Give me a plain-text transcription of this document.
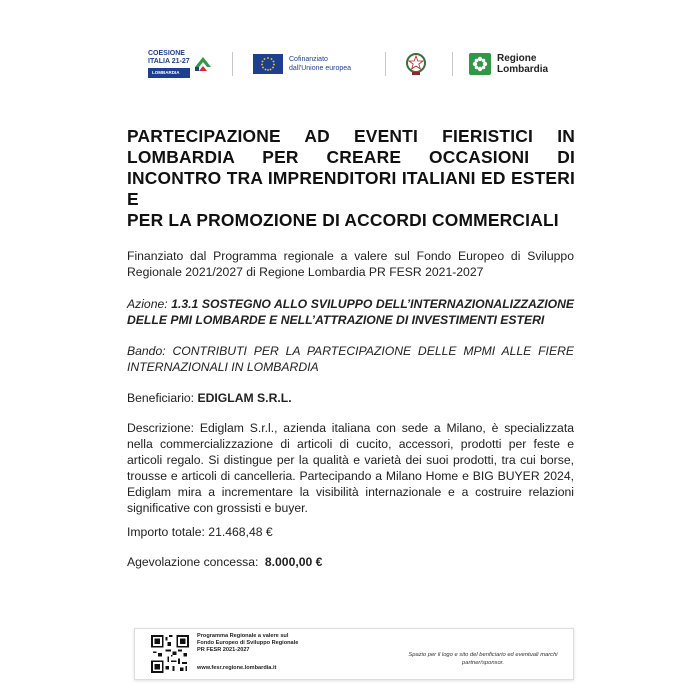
COESIONE
ITALIA 21-27
LOMBARDIA
Cofinanziato
dall'Unione europea
Regione
Lombardia
PARTECIPAZIONE AD EVENTI FIERISTICI IN
LOMBARDIA PER CREARE OCCASIONI DI
INCONTRO TRA IMPRENDITORI ITALIANI ED ESTERI E
PER LA PROMOZIONE DI ACCORDI COMMERCIALI
Finanziato dal Programma regionale a valere sul Fondo Europeo di Sviluppo Regionale 2021/2027 di Regione Lombardia PR FESR 2021-2027
Azione: 1.3.1 SOSTEGNO ALLO SVILUPPO DELL’INTERNAZIONALIZZAZIONE DELLE PMI LOMBARDE E NELL’ATTRAZIONE DI INVESTIMENTI ESTERI
Bando: CONTRIBUTI PER LA PARTECIPAZIONE DELLE MPMI ALLE FIERE INTERNAZIONALI IN LOMBARDIA
Beneficiario: EDIGLAM S.R.L.
Descrizione: Ediglam S.r.l., azienda italiana con sede a Milano, è specializzata nella commercializzazione di articoli di cucito, accessori, prodotti per feste e articoli regalo. Si distingue per la qualità e varietà dei suoi prodotti, tra cui borse, trousse e articoli di cancelleria. Partecipando a Milano Home e BIG BUYER 2024, Ediglam mira a incrementare la visibilità internazionale e a costruire relazioni significative con grossisti e buyer.
Importo totale: 21.468,48 €
Agevolazione concessa: 8.000,00 €
Programma Regionale a valere sul
Fondo Europeo di Sviluppo Regionale
PR FESR 2021-2027
www.fesr.regione.lombardia.it
Spazio per il logo e sito del benficiario ed eventuali marchi partner/sponsor.
